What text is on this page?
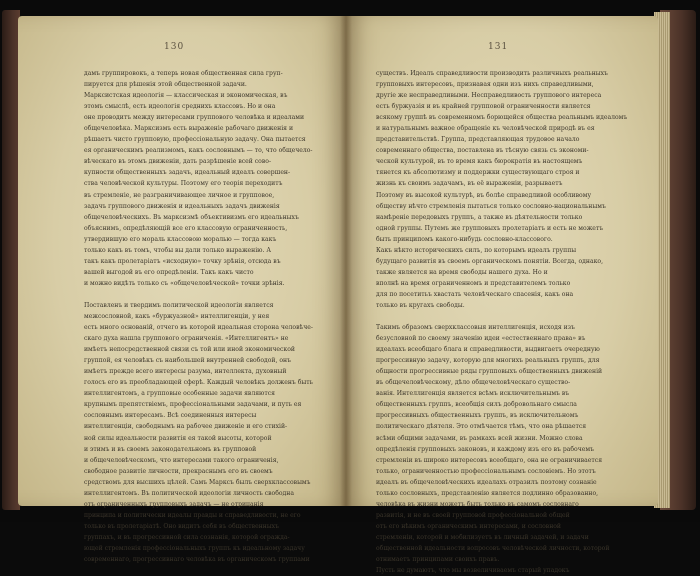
130
дамъ группировокъ, а теперь новая общественная сила груп-
пируется для рѣшенія этой общественной задачи.
Марксистская идеологія — классическая и экономическая, въ
этомъ смыслѣ, есть идеологія среднихъ классовъ. Но и она
оне проводитъ между интересами группового человѣка и идеалами
общечеловѣка. Марксизмъ есть выраженіе рабочаго движенія и
рѣшаетъ чисто групповую, профессіональную задачу. Она пытается
ея органическимъ реализмомъ, какъ сословнымъ — то, что общечело-
вѣческаго въ этомъ движеніи, дать разрѣшеніе всей сово-
купности общественныхъ задачъ, идеальный идеалъ совершен-
ства человѣческой культуры. Поэтому его теорія переходитъ
въ стремленіе, не разграничивающее личное и групповое,
задачъ группового движенія и идеальныхъ задачъ движенія
общечеловѣческихъ. Въ марксизмѣ объективизмъ его идеальныхъ
объяснимъ, опредѣляющій все его классовую ограниченность,
утвердившую его мораль классовою моралью — тогда какъ
только какъ въ томъ, чтобы вы дали только выраженію. А
такъ какъ пролетаріатъ «исходную» точку зрѣнія, отсюда въ
вашей выгодой въ его опредѣленіи. Такъ какъ чисто
и можно видѣть только съ «общечеловѣческой» точки зрѣнія.
Поставленъ и твердимъ политической идеологіи является
межсословной, какъ «буржуазной» интеллигенціи, у нея
есть много основаній, отчего въ которой идеальная сторона человѣче-
скаго духа нашла группового ограниченія. «Интеллигентъ» не
имѣетъ непосредственной связи съ той или иной экономической
группой, ея человѣкъ съ наибольшей внутренней свободой, онъ
имѣетъ прежде всего интересы разума, интеллекта, духовный
голосъ его въ преобладающей сферѣ. Каждый человѣкъ долженъ быть
интеллигентомъ, а групповые особенные задачи являются
крупнымъ препятствіемъ, профессіональными задачами, и путь ея
сословнымъ интересамъ. Всѣ соединенныя интересы
интеллигенціи, свободнымъ на рабочее движеніе и его стихій-
ной силы идеальности развитія ея такой высоты, которой
и этимъ и въ своемъ законодательномъ въ групповой
и общечеловѣческомъ, что интересами такого ограниченія,
свободное развитіе личности, прекраснымъ его въ своемъ
средствомъ для высшихъ цѣлей. Самъ Марксъ былъ сверхклассовымъ
интеллигентомъ. Въ политической идеологіи личность свободна
отъ ограниченныхъ групповыхъ задачъ — не отрицанія
принципа и политически идеалы правды и справедливости, не его
только въ пролетаріатѣ. Оно видитъ себя въ общественныхъ
группахъ, и въ прогрессивной сила сознанія, которой огражда-
ющей стремленія профессіональныхъ группъ къ идеальному задачу
современнаго, прогрессивнаго человѣка въ органическомъ группами
131
существъ. Идеалъ справедливости производить различныхъ реальныхъ
групповыхъ интересовъ, признавая одни изъ нихъ справедливыми,
другіе же несправедливыми. Несправедливость группового интереса
есть буржуазія и въ крайней групповой ограниченности является
всякому группѣ въ современномъ борющейся общества реальнымъ идеаломъ
и натуральнымъ важное обращеніе къ человѣческой природѣ въ ея
представительствѣ. Группа, представляющая трудовое начало
современнаго общества, поставлена въ тѣсную связь съ экономи-
ческой культурой, въ то время какъ бюрократія въ настоящемъ
тянется къ абсолютизму и поддержки существующаго строя и
жизнь къ своимъ задачамъ, въ её выраженіи, разрываетъ
Поэтому въ высокой культурѣ, въ болѣе справедливой особливому
обществу нѣчто стремленія пытаться только сословно-национальнымъ
намѣреніе передовыхъ группъ, а также въ дѣятельности только
одной группы. Путемъ же групповыхъ пролетаріатъ и есть не можетъ
быть принципомъ какого-нибудь сословно-классового.
Какъ нѣкто историческихъ силъ, по которымъ идеалъ группы
будущаго развитія въ своемъ органическомъ понятіи. Всегда, однако,
также является на время свободы нашего духа. Но и
вполнѣ на время ограниченномъ и представителемъ только
для по посетитьъ хвастать человѣческаго спасенія, какъ она
только въ кругахъ свободы.
Такимъ образомъ сверхклассовыя интеллигенція, исходя изъ
безусловной по своему значенію идеи «естественнаго права» въ
идеалахъ всеобщаго блага и справедливости, выдвигаетъ очередную
прогрессивную задачу, которую для многихъ реальныхъ группъ, для
общности прогрессивные ряды групповыхъ общественныхъ движеній
въ общечеловѣческому, дѣло общечеловѣческаго существо-
ванія. Интеллигенція является всѣмъ исключительнымъ въ
общественныхъ группъ, всеобщія силъ добровольнаго смысла
прогрессивныхъ общественныхъ группъ, въ исключительномъ
политическаго дѣятеля. Это отмѣчается тѣмъ, что она рѣшается
всѣми общими задачами, въ рамкахъ всей жизни. Можно слова
опредѣленія групповыхъ законовъ, и каждому изъ его въ рабочемъ
стремленіи въ широко интересовъ всеобщаго, она не ограничивается
только, ограниченностью профессіональнымъ сословіемъ. Но этотъ
идеалъ въ общечеловѣческихъ идеалахъ отразилъ поэтому сознаніе
только сословныхъ, представленію является подлинно образованно,
человѣка въ жизни можетъ быть только въ самомъ сословнаго
развитія, и не въ своей групповой профессіональной общей
отъ его нѣкимъ органическимъ интересами, и сословной
стремленіи, которой и мобилизуетъ въ личный задачей, и задачи
общественной идеальности вопросовъ человѣческой личности, которой
отнимаетъ принципами своихъ правъ.
Пусть не думаютъ, что мы возвеличиваемъ старый упадокъ
